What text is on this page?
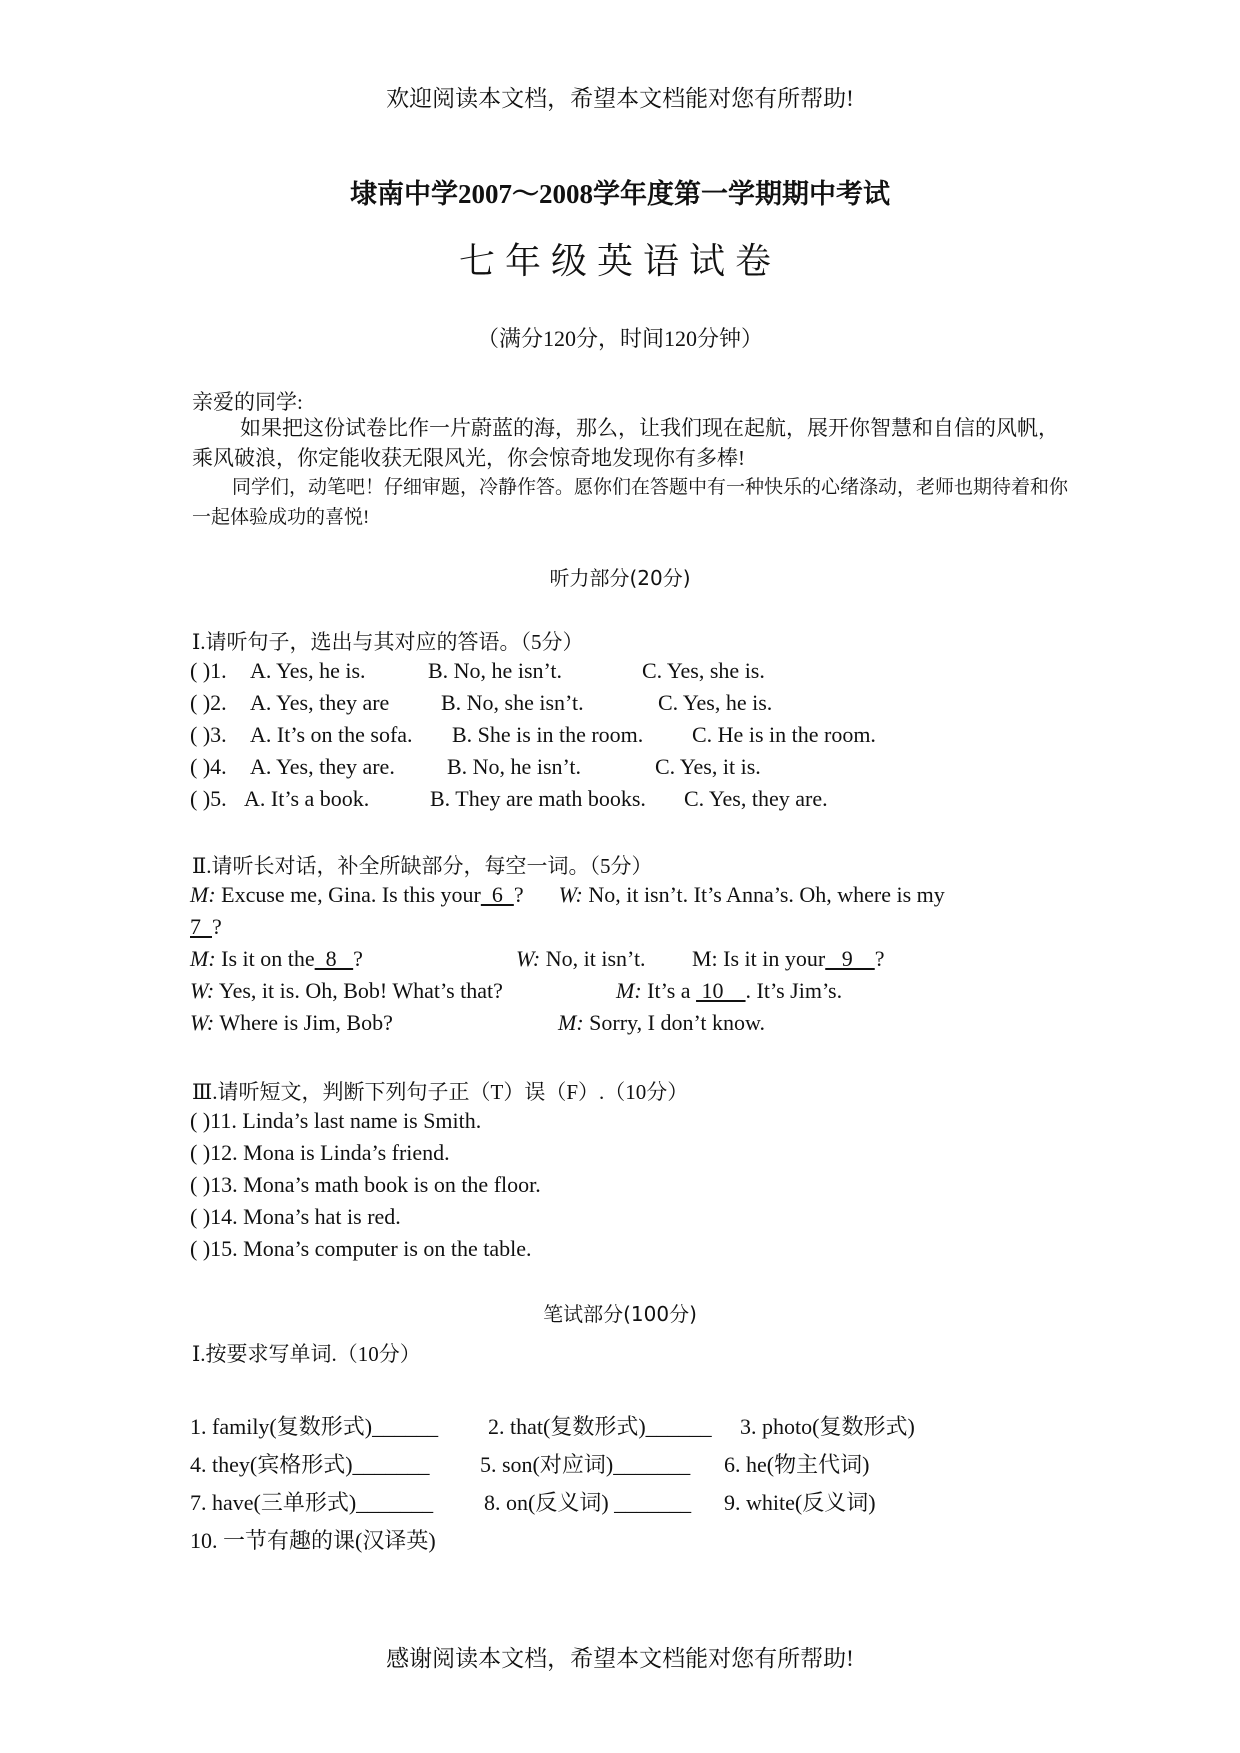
欢迎阅读本文档，希望本文档能对您有所帮助!
埭南中学2007～2008学年度第一学期期中考试
七年级英语试卷
（满分120分，时间120分钟）
亲爱的同学:
如果把这份试卷比作一片蔚蓝的海，那么，让我们现在起航，展开你智慧和自信的风帆，乘风破浪，你定能收获无限风光，你会惊奇地发现你有多棒!
同学们，动笔吧！仔细审题，冷静作答。愿你们在答题中有一种快乐的心绪涤动，老师也期待着和你一起体验成功的喜悦!
听力部分(20分)
Ⅰ.请听句子，选出与其对应的答语。（5分）
( )1. A. Yes, he is.	B. No, he isn’t.	C. Yes, she is.
( )2. A. Yes, they are B. No, she isn’t.	C. Yes, he is.
( )3. A. It’s on the sofa. B. She is in the room. C. He is in the room.
( )4. A. Yes, they are. B. No, he isn’t.	C. Yes, it is.
( )5. A. It’s a book.	B. They are math books. C. Yes, they are.
Ⅱ.请听长对话，补全所缺部分，每空一词。（5分）
M: Excuse me, Gina. Is this your  6  ? W: No, it isn’t. It’s Anna’s. Oh, where is my
7  ?
M: Is it on the  8   ?	W: No, it isn’t. M: Is it in your   9    ?
W: Yes, it is. Oh, Bob! What’s that?	M: It’s a  10    . It’s Jim’s.
W: Where is Jim, Bob?	M: Sorry, I don’t know.
Ⅲ.请听短文，判断下列句子正（T）误（F）.（10分）
( )11. Linda’s last name is Smith.
( )12. Mona is Linda’s friend.
( )13. Mona’s math book is on the floor.
( )14. Mona’s hat is red.
( )15. Mona’s computer is on the table.
笔试部分(100分)
Ⅰ.按要求写单词.（10分）
1. family(复数形式)______ 2. that(复数形式)______ 3. photo(复数形式)
4. they(宾格形式)_______ 5. son(对应词)_______ 6. he(物主代词)
7. have(三单形式)_______ 8. on(反义词) _______ 9. white(反义词)
10. 一节有趣的课(汉译英)
感谢阅读本文档，希望本文档能对您有所帮助!
